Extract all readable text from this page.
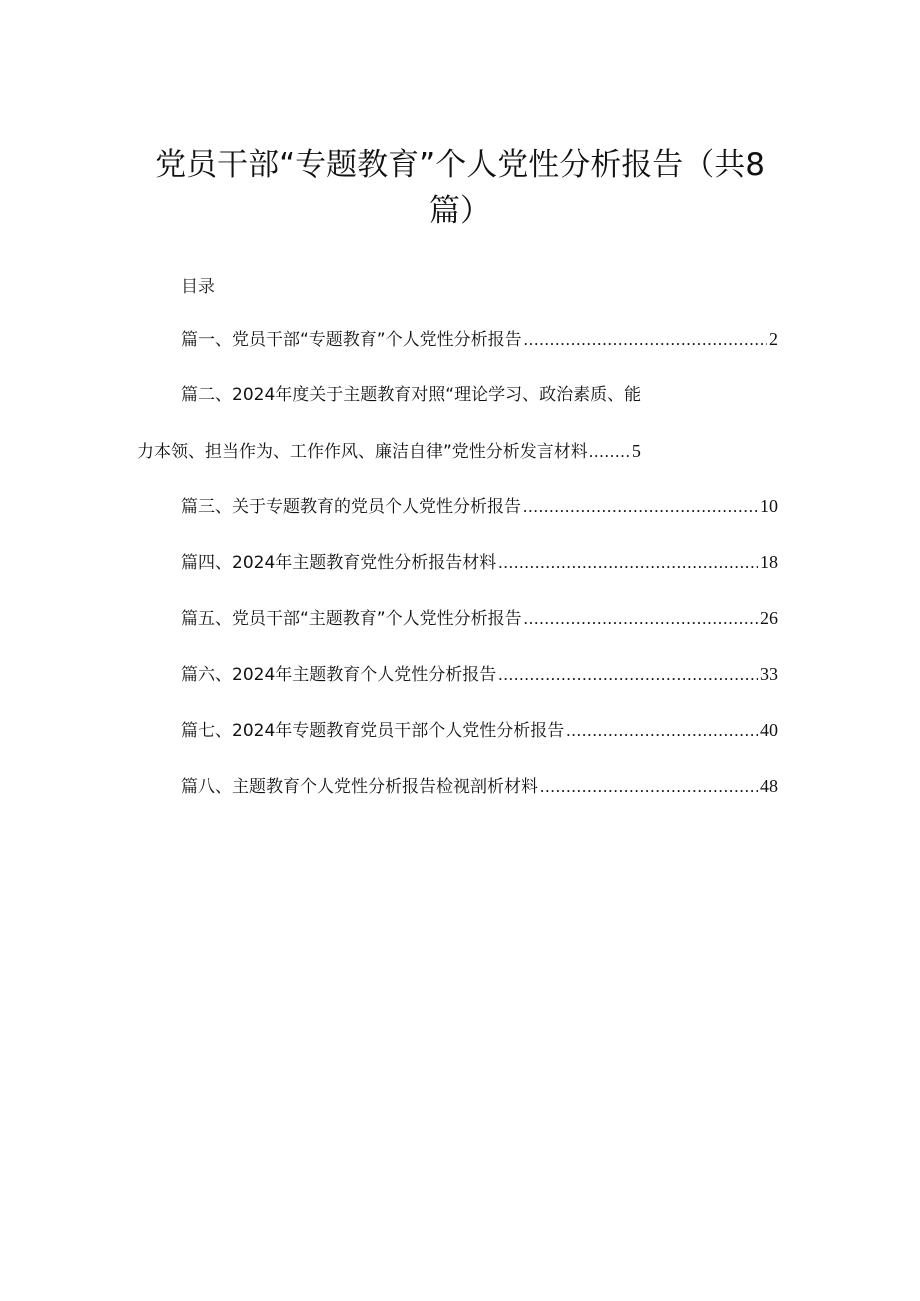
党员干部“专题教育”个人党性分析报告（共8篇）
目录
篇一、党员干部“专题教育”个人党性分析报告 .....	2
篇二、2024年度关于主题教育对照“理论学习、政治素质、能
力本领、担当作为、工作作风、廉洁自律”党性分析发言材料 ........ 5
篇三、关于专题教育的党员个人党性分析报告 .....	10
篇四、2024年主题教育党性分析报告材料 .....	18
篇五、党员干部“主题教育”个人党性分析报告 .....	26
篇六、2024年主题教育个人党性分析报告 .....	33
篇七、2024年专题教育党员干部个人党性分析报告 .....	40
篇八、主题教育个人党性分析报告检视剖析材料 .....	48
